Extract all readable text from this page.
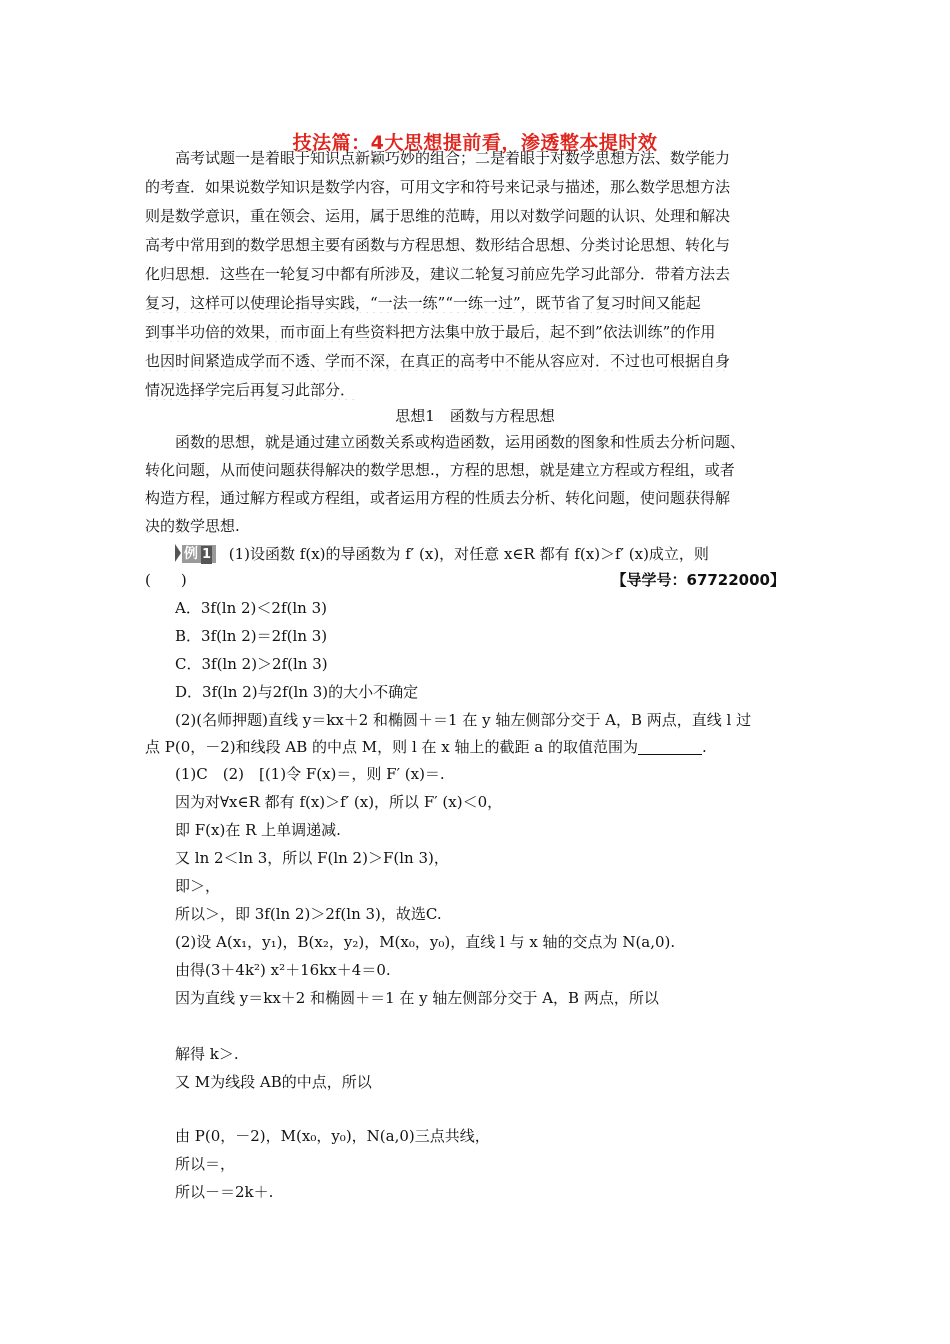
技法篇：4大思想提前看，渗透整本提时效
高考试题一是着眼于知识点新颖巧妙的组合；二是着眼于对数学思想方法、数学能力
的考查．如果说数学知识是数学内容，可用文字和符号来记录与描述，那么数学思想方法
则是数学意识，重在领会、运用，属于思维的范畴，用以对数学问题的认识、处理和解决
高考中常用到的数学思想主要有函数与方程思想、数形结合思想、分类讨论思想、转化与
化归思想．这些在一轮复习中都有所涉及，建议二轮复习前应先学习此部分．带着方法去
复习，这样可以使理论指导实践，“一法一练”“一练一过”，既节省了复习时间又能起
到事半功倍的效果，而市面上有些资料把方法集中放于最后，起不到”依法训练”的作用
也因时间紧造成学而不透、学而不深，在真正的高考中不能从容应对．不过也可根据自身
情况选择学完后再复习此部分．
思想1　函数与方程思想
函数的思想，就是通过建立函数关系或构造函数，运用函数的图象和性质去分析问题、
转化问题，从而使问题获得解决的数学思想.，方程的思想，就是建立方程或方程组，或者
构造方程，通过解方程或方程组，或者运用方程的性质去分析、转化问题，使问题获得解
决的数学思想.
例 1 (1)设函数 f(x)的导函数为 f′ (x)，对任意 x∈R 都有 f(x)＞f′ (x)成立，则
(　　)	【导学号：67722000】
A．3f(ln 2)＜2f(ln 3)
B．3f(ln 2)＝2f(ln 3)
C．3f(ln 2)＞2f(ln 3)
D．3f(ln 2)与2f(ln 3)的大小不确定
(2)(名师押题)直线 y＝kx＋2 和椭圆＋＝1 在 y 轴左侧部分交于 A，B 两点，直线 l 过
点 P(0，－2)和线段 AB 的中点 M，则 l 在 x 轴上的截距 a 的取值范围为	.
(1)C　(2)　[(1)令 F(x)＝，则 F′ (x)＝.
因为对∀x∈R 都有 f(x)＞f′ (x)，所以 F′ (x)＜0，
即 F(x)在 R 上单调递减.
又 ln 2＜ln 3，所以 F(ln 2)＞F(ln 3)，
即＞，
所以＞，即 3f(ln 2)＞2f(ln 3)，故选C.
(2)设 A(x₁，y₁)，B(x₂，y₂)，M(x₀，y₀)，直线 l 与 x 轴的交点为 N(a,0).
由得(3＋4k²) x²＋16kx＋4＝0.
因为直线 y＝kx＋2 和椭圆＋＝1 在 y 轴左侧部分交于 A，B 两点，所以
解得 k＞.
又 M为线段 AB的中点，所以
由 P(0，－2)，M(x₀，y₀)，N(a,0)三点共线，
所以＝，
所以－＝2k＋.
